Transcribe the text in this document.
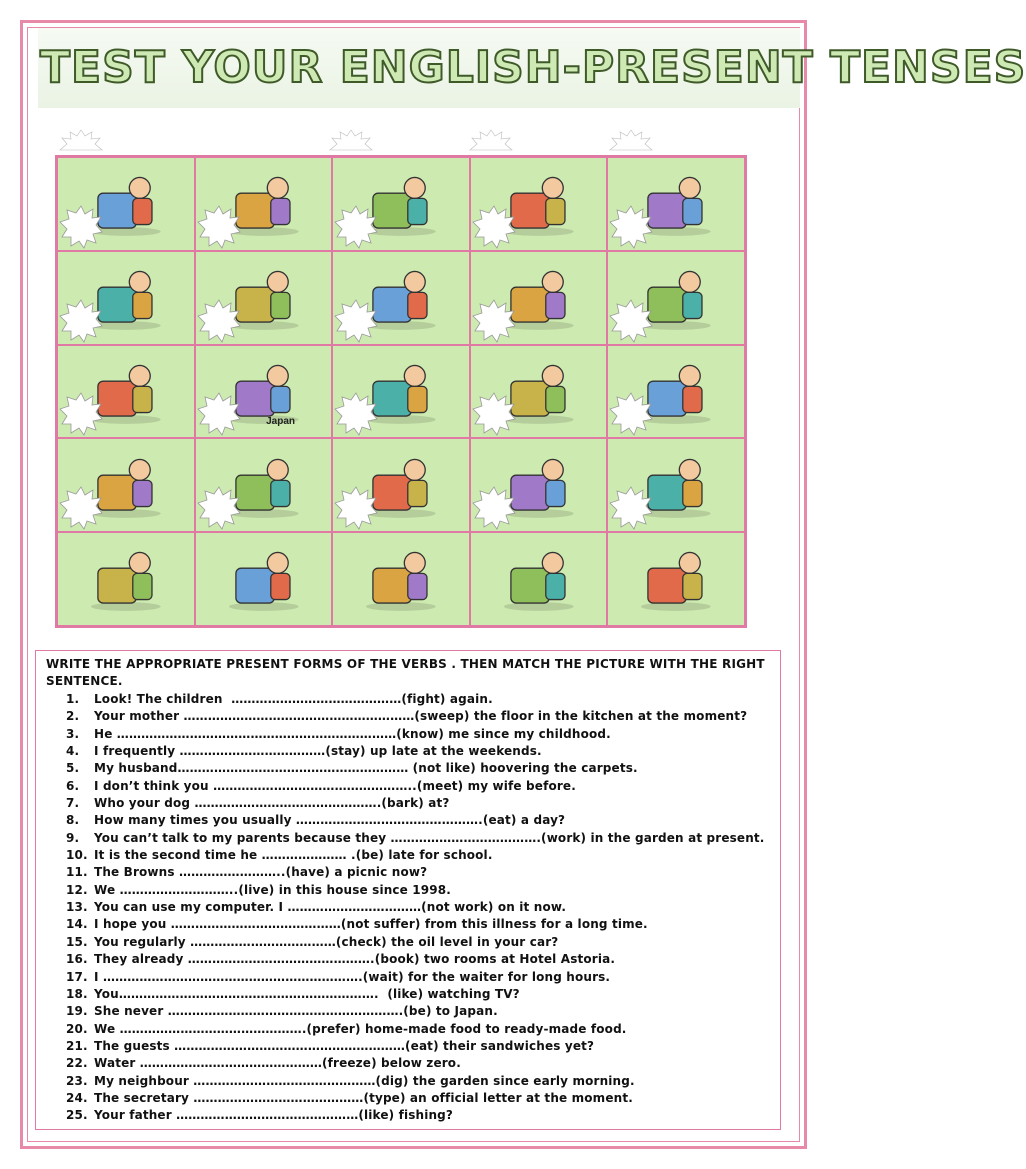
TEST YOUR ENGLISH-PRESENT TENSES
Japan
WRITE THE APPROPRIATE PRESENT FORMS OF THE VERBS . THEN MATCH THE PICTURE WITH THE RIGHT SENTENCE.
1. Look! The children  ……………………………………(fight) again.
2. Your mother …………………………………………………(sweep) the floor in the kitchen at the moment?
3. He ……………………………………………………………(know) me since my childhood.
4. I frequently ………………………………(stay) up late at the weekends.
5. My husband………………………………………………… (not like) hoovering the carpets.
6. I don’t think you …………………………………………..(meet) my wife before.
7. Who your dog ……………………………………….(bark) at?
8. How many times you usually ……………………………………….(eat) a day?
9. You can’t talk to my parents because they ……………………………….(work) in the garden at present.
10. It is the second time he ………………… .(be) late for school.
11. The Browns ……………………..(have) a picnic now?
12. We ………………………..(live) in this house since 1998.
13. You can use my computer. I ……………………………(not work) on it now.
14. I hope you ……………………………………(not suffer) from this illness for a long time.
15. You regularly ………………………………(check) the oil level in your car?
16. They already ……………………………………….(book) two rooms at Hotel Astoria.
17. I ……………………………………………………….(wait) for the waiter for long hours.
18. You……………………………………………………….  (like) watching TV?
19. She never ………………………………………………….(be) to Japan.
20. We ……………………………………….(prefer) home-made food to ready-made food.
21. The guests …………………………………………………(eat) their sandwiches yet?
22. Water ………………………………………(freeze) below zero.
23. My neighbour ………………………………………(dig) the garden since early morning.
24. The secretary ……………………………………(type) an official letter at the moment.
25. Your father ………………………………………(like) fishing?
